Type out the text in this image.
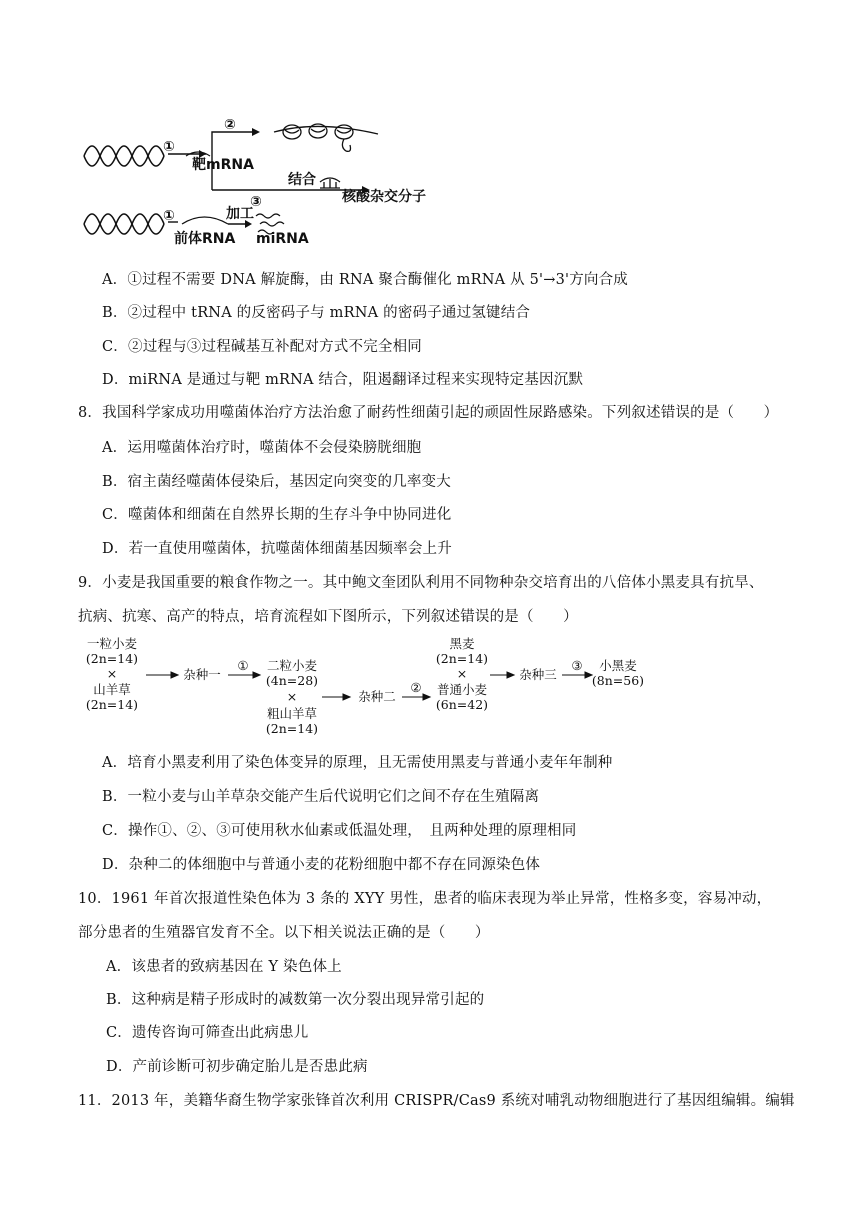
①
靶mRNA
②
结合
③	核酸杂交分子
①	加工
前体RNA miRNA
A．①过程不需要 DNA 解旋酶，由 RNA 聚合酶催化 mRNA 从 5'→3'方向合成
B．②过程中 tRNA 的反密码子与 mRNA 的密码子通过氢键结合
C．②过程与③过程碱基互补配对方式不完全相同
D．miRNA 是通过与靶 mRNA 结合，阻遏翻译过程来实现特定基因沉默
8．我国科学家成功用噬菌体治疗方法治愈了耐药性细菌引起的顽固性尿路感染。下列叙述错误的是（　　）
A．运用噬菌体治疗时，噬菌体不会侵染膀胱细胞
B．宿主菌经噬菌体侵染后，基因定向突变的几率变大
C．噬菌体和细菌在自然界长期的生存斗争中协同进化
D．若一直使用噬菌体，抗噬菌体细菌基因频率会上升
9．小麦是我国重要的粮食作物之一。其中鲍文奎团队利用不同物种杂交培育出的八倍体小黑麦具有抗旱、
抗病、抗寒、高产的特点，培育流程如下图所示，下列叙述错误的是（　　）
一粒小麦
(2n=14)
×
山羊草
(2n=14)
杂种一
① 二粒小麦
(4n=28)
×
粗山羊草
(2n=14)
杂种二
②
黑麦
(2n=14)
×
普通小麦
(6n=42)
杂种三
③ 小黑麦
(8n=56)
A．培育小黑麦利用了染色体变异的原理，且无需使用黑麦与普通小麦年年制种
B．一粒小麦与山羊草杂交能产生后代说明它们之间不存在生殖隔离
C．操作①、②、③可使用秋水仙素或低温处理，　且两种处理的原理相同
D．杂种二的体细胞中与普通小麦的花粉细胞中都不存在同源染色体
10．1961 年首次报道性染色体为 3 条的 XYY 男性，患者的临床表现为举止异常，性格多变，容易冲动，
部分患者的生殖器官发育不全。以下相关说法正确的是（　　）
A．该患者的致病基因在 Y 染色体上
B．这种病是精子形成时的减数第一次分裂出现异常引起的
C．遗传咨询可筛查出此病患儿
D．产前诊断可初步确定胎儿是否患此病
11．2013 年，美籍华裔生物学家张锋首次利用 CRISPR/Cas9 系统对哺乳动物细胞进行了基因组编辑。编辑
